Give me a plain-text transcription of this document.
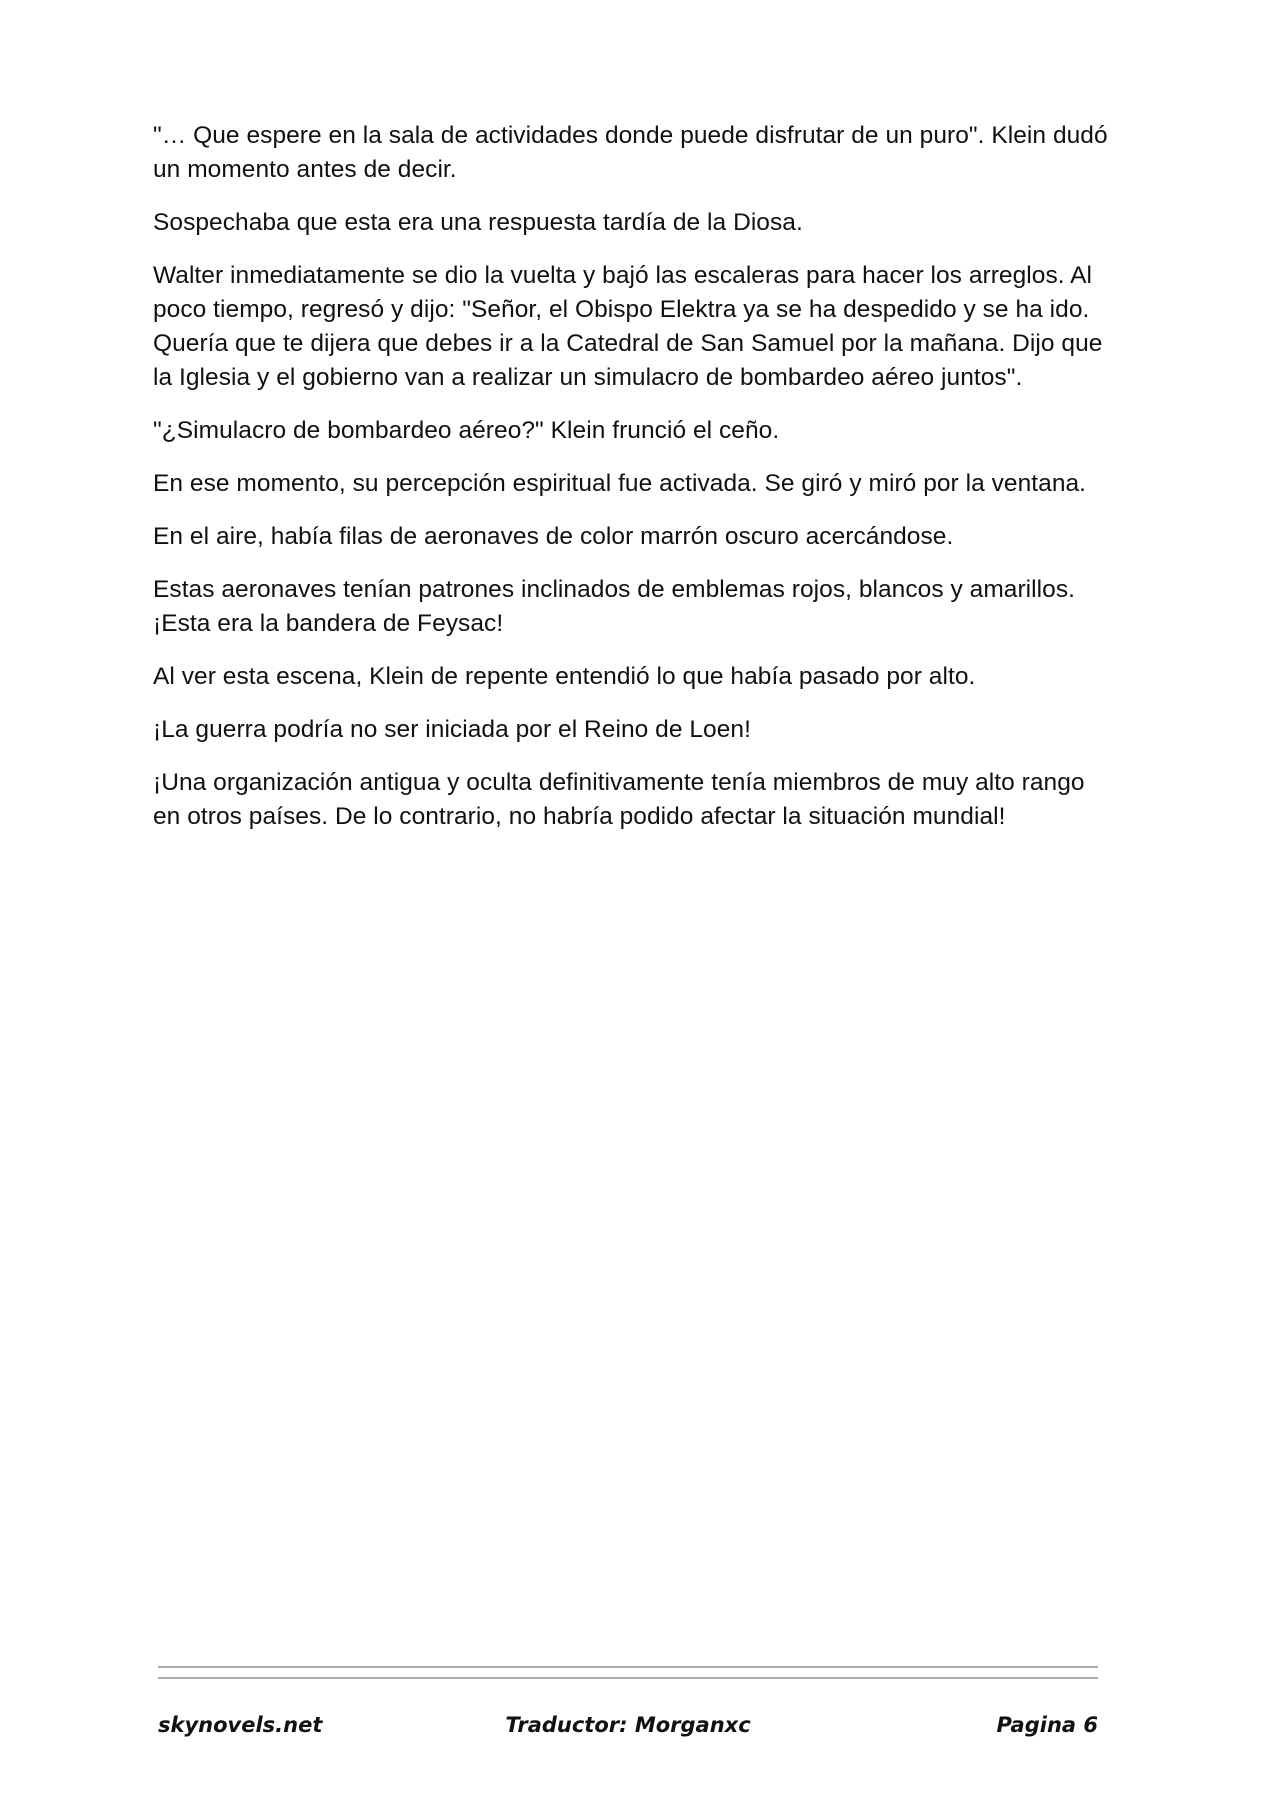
"… Que espere en la sala de actividades donde puede disfrutar de un puro". Klein dudó un momento antes de decir.

Sospechaba que esta era una respuesta tardía de la Diosa.

Walter inmediatamente se dio la vuelta y bajó las escaleras para hacer los arreglos. Al poco tiempo, regresó y dijo: "Señor, el Obispo Elektra ya se ha despedido y se ha ido. Quería que te dijera que debes ir a la Catedral de San Samuel por la mañana. Dijo que la Iglesia y el gobierno van a realizar un simulacro de bombardeo aéreo juntos".

"¿Simulacro de bombardeo aéreo?" Klein frunció el ceño.

En ese momento, su percepción espiritual fue activada. Se giró y miró por la ventana.

En el aire, había filas de aeronaves de color marrón oscuro acercándose.

Estas aeronaves tenían patrones inclinados de emblemas rojos, blancos y amarillos. ¡Esta era la bandera de Feysac!

Al ver esta escena, Klein de repente entendió lo que había pasado por alto.

¡La guerra podría no ser iniciada por el Reino de Loen!

¡Una organización antigua y oculta definitivamente tenía miembros de muy alto rango en otros países. De lo contrario, no habría podido afectar la situación mundial!

skynovels.net	Traductor: Morganxc	Pagina 6
